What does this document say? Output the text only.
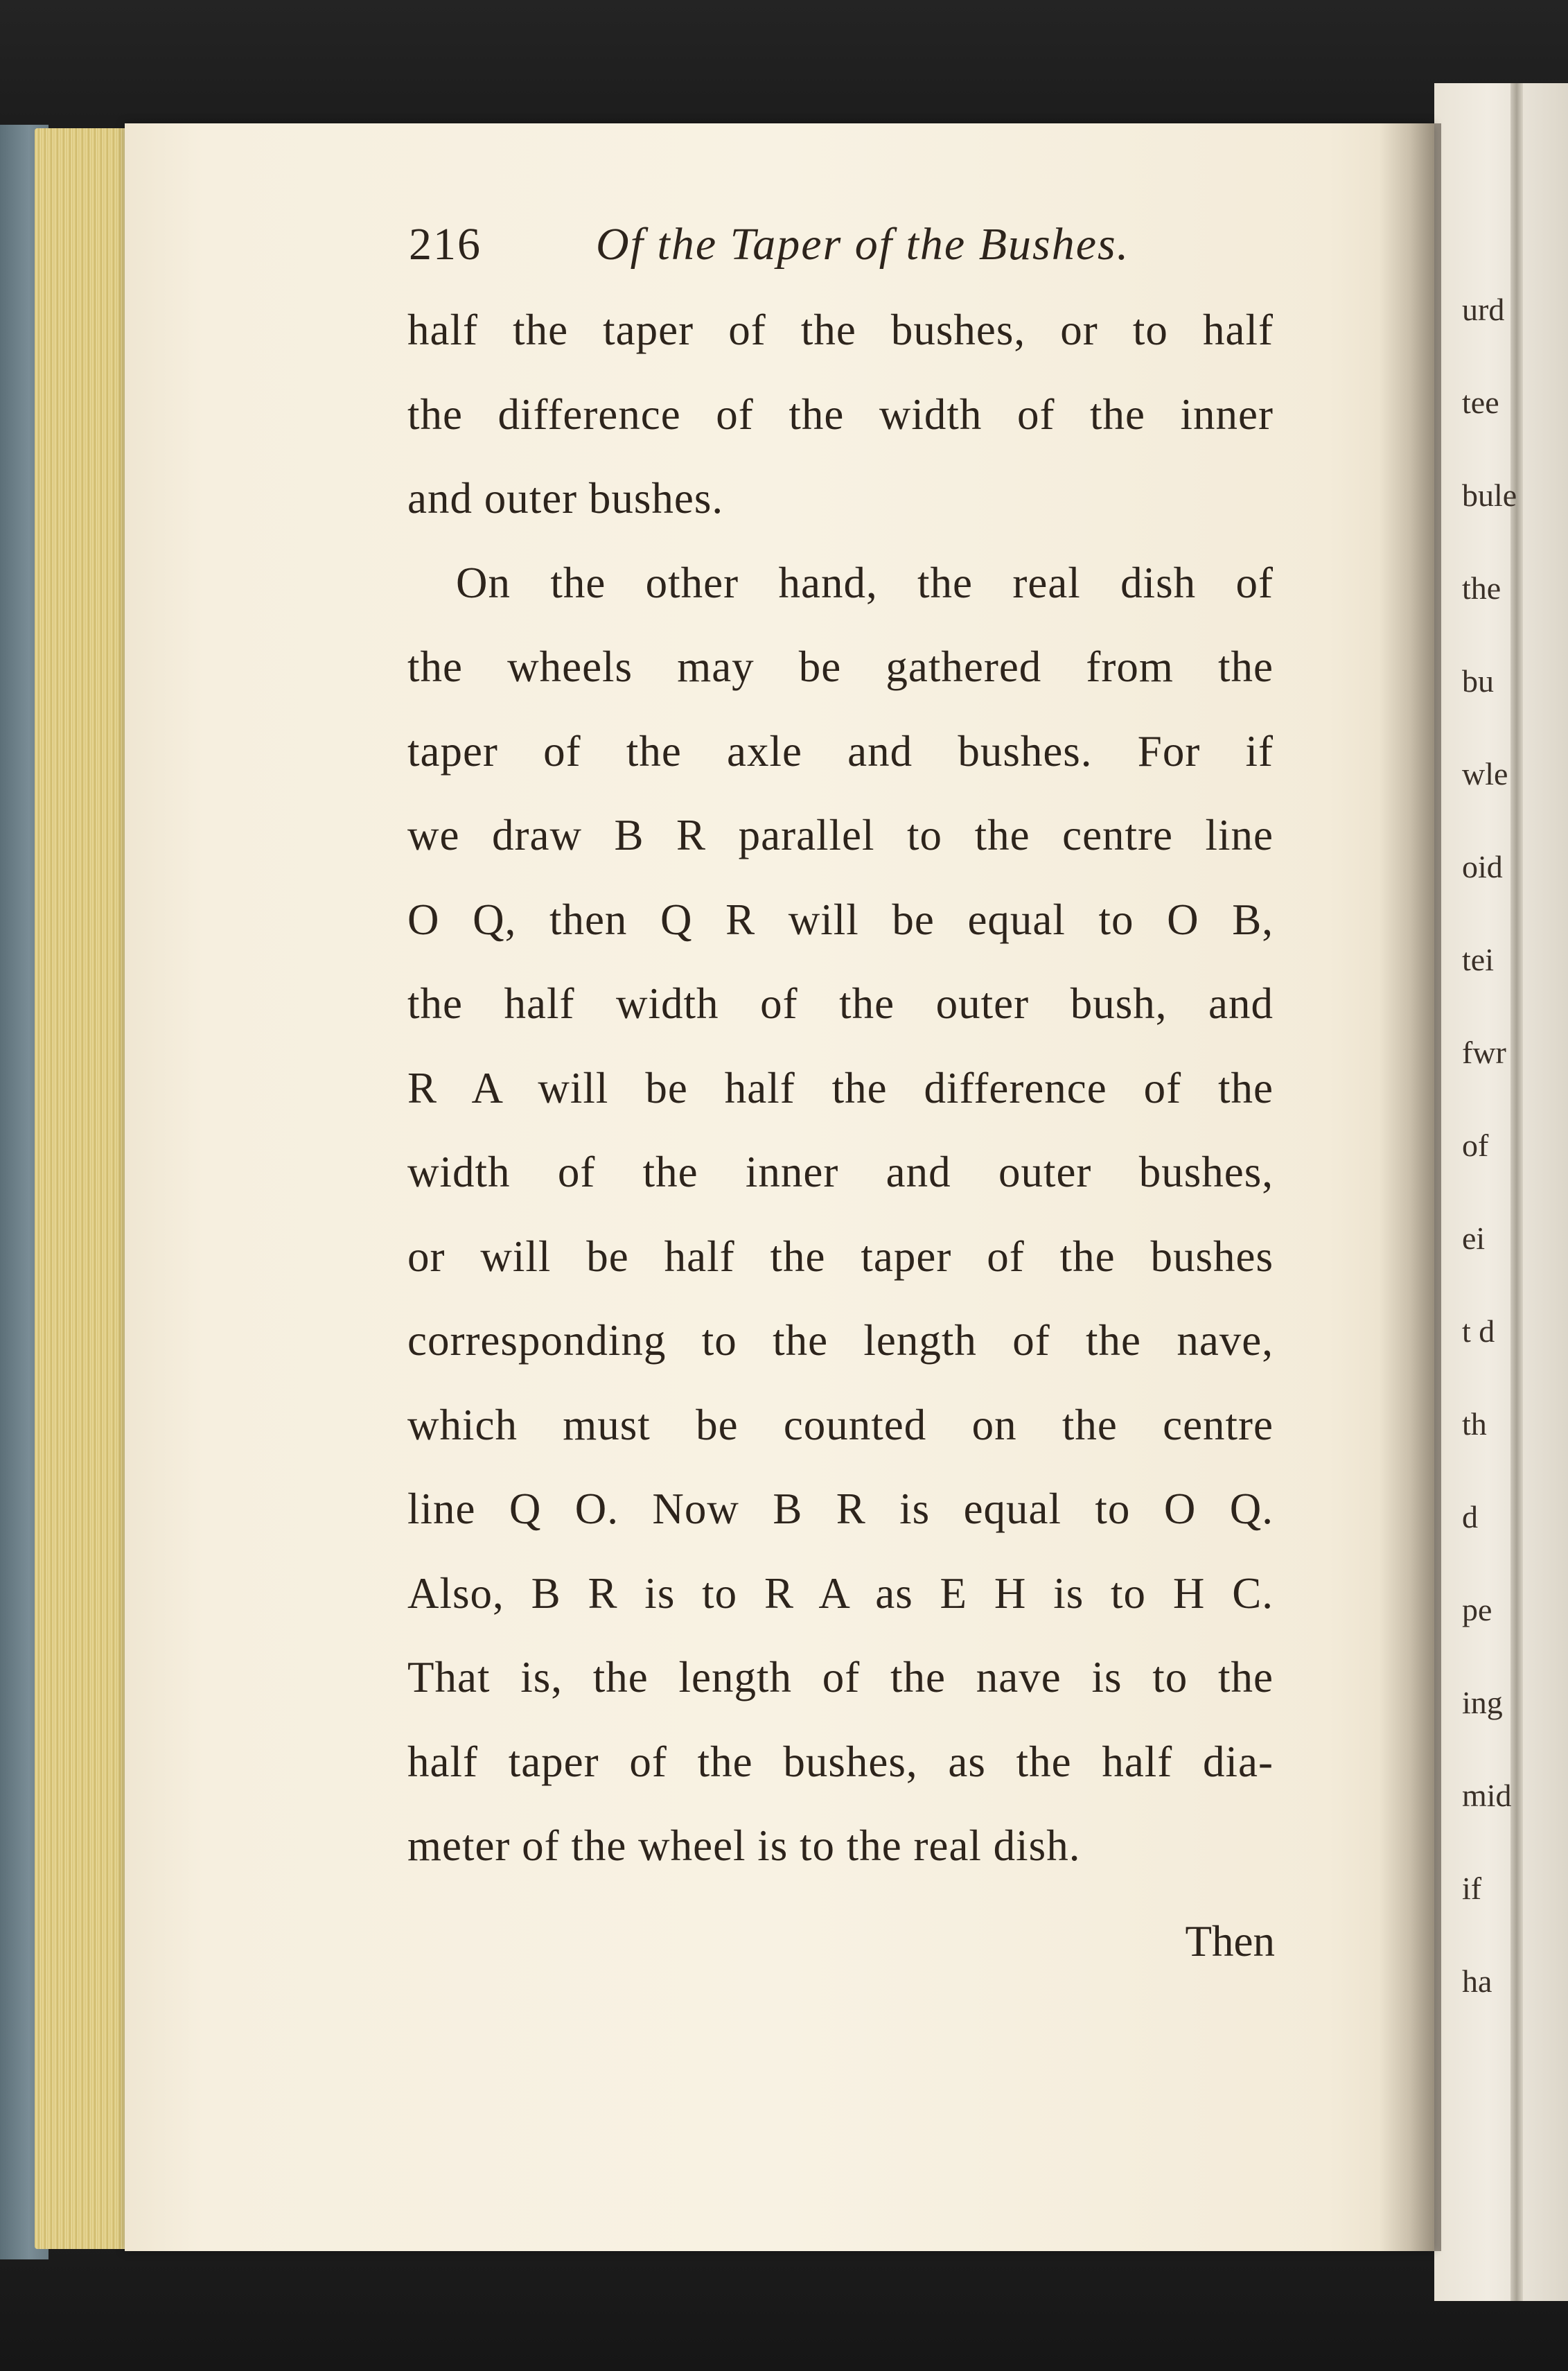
urd
tee
bule
the
bu
wle
oid
tei
fwr
of
ei
t d
th
d
pe
ing
mid
if
ha
216	Of the Taper of the Bushes.
half the taper of the bushes, or to half
the difference of the width of the inner
and outer bushes.
On the other hand, the real dish of
the wheels may be gathered from the
taper of the axle and bushes. For if
we draw B R parallel to the centre line
O Q, then Q R will be equal to O B,
the half width of the outer bush, and
R A will be half the difference of the
width of the inner and outer bushes,
or will be half the taper of the bushes
corresponding to the length of the nave,
which must be counted on the centre
line Q O. Now B R is equal to O Q.
Also, B R is to R A as E H is to H C.
That is, the length of the nave is to the
half taper of the bushes, as the half dia-
meter of the wheel is to the real dish.
Then
